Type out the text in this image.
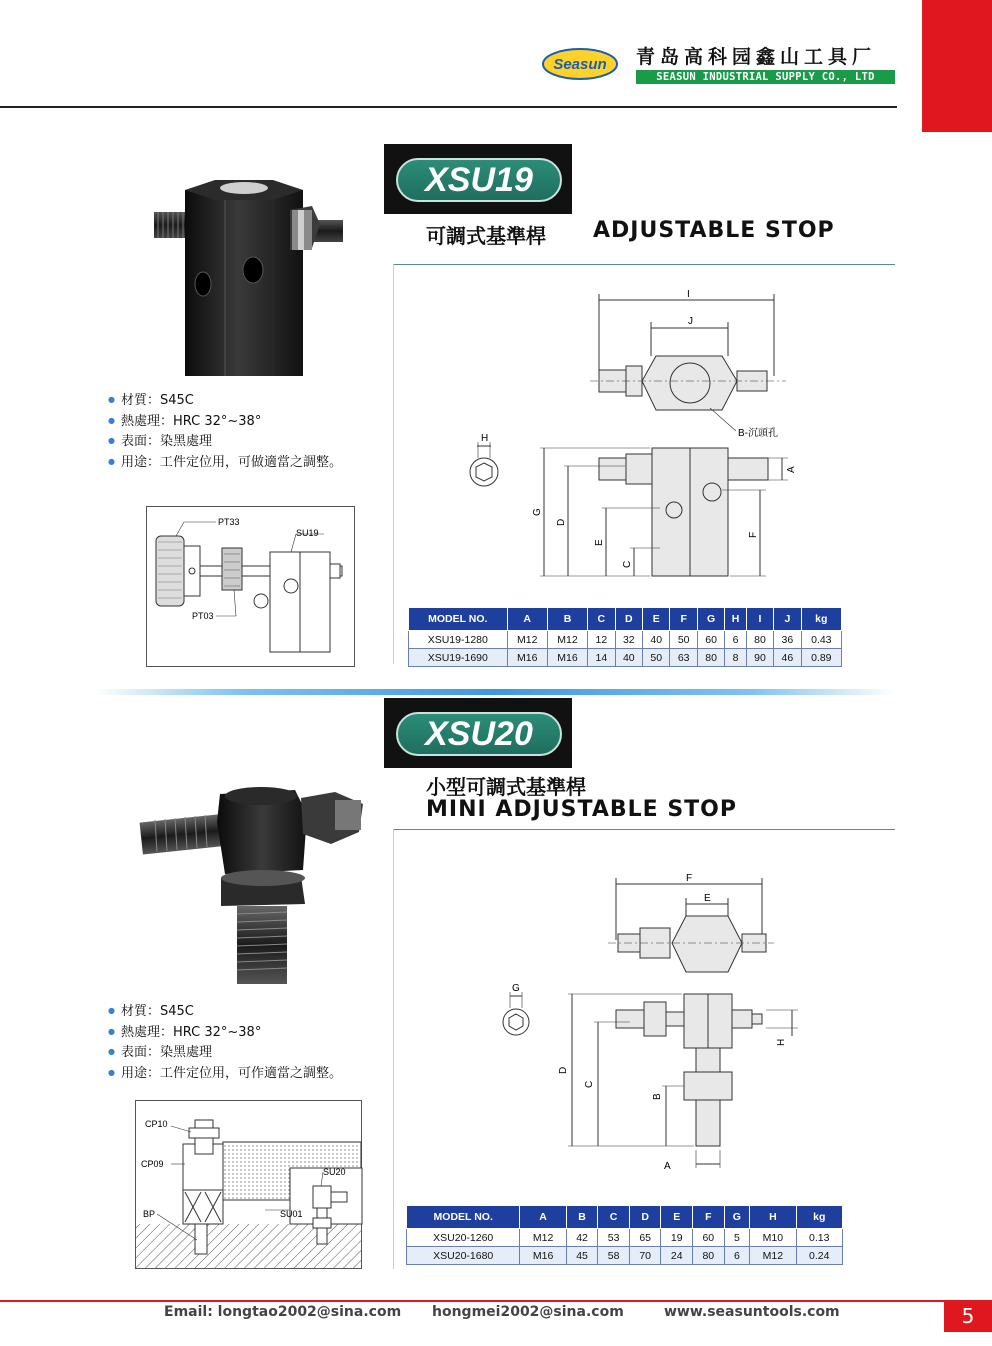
Seasun 青岛高科园鑫山工具厂
SEASUN INDUSTRIAL SUPPLY CO., LTD
XSU19
可調式基準桿 ADJUSTABLE STOP
● 材質：S45C
● 熱處理：HRC 32°~38°
● 表面：染黑處理
● 用途：工件定位用，可做適當之調整。
PT33
SU19
PT03
I
J
B-沉頭孔
H
A
G
D
E
C
F
MODEL NO.	A	B	C	D	E	F	G	H	I	J	kg
XSU19-1280	M12	M12	12	32	40	50	60	6	80	36	0.43
XSU19-1690	M16	M16	14	40	50	63	80	8	90	46	0.89
XSU20
小型可調式基準桿
MINI ADJUSTABLE STOP
● 材質：S45C
● 熱處理：HRC 32°~38°
● 表面：染黑處理
● 用途：工件定位用，可作適當之調整。
CP10
CP09
BP
SU20
SU01
F
E
G
D
C
B
A
H
MODEL NO.	A	B	C	D	E	F	G	H	kg
XSU20-1260	M12	42	53	65	19	60	5	M10	0.13
XSU20-1680	M16	45	58	70	24	80	6	M12	0.24
Email: longtao2002@sina.com hongmei2002@sina.com	www.seasuntools.com	5
